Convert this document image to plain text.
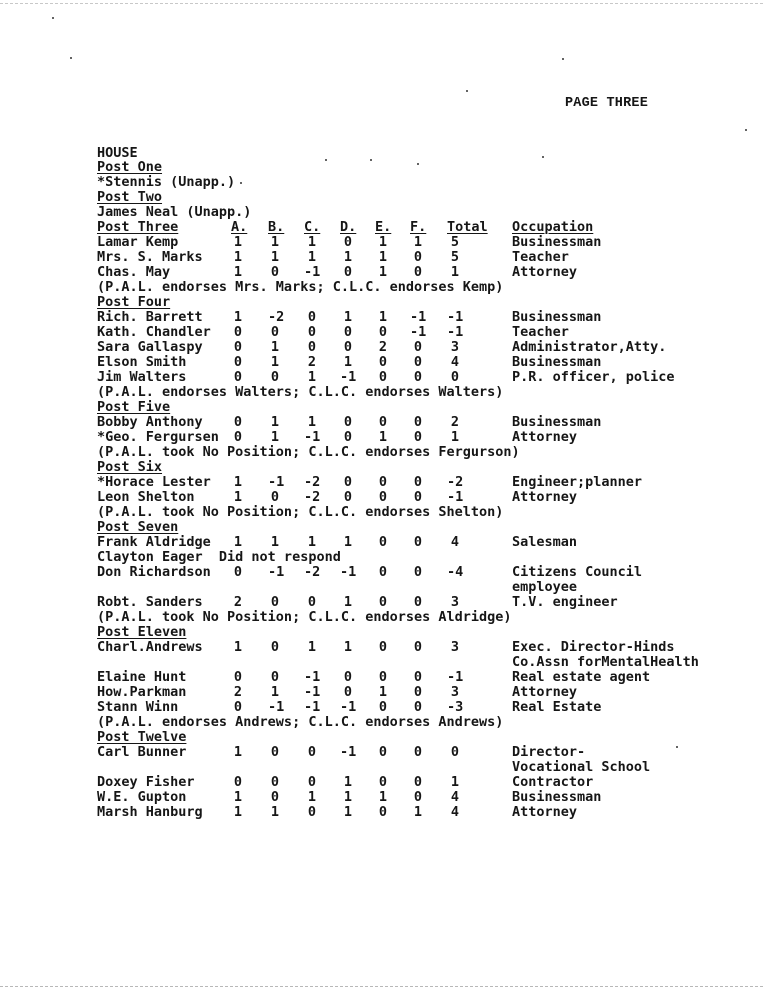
PAGE THREE
HOUSE
Post One
*Stennis (Unapp.)
Post Two
James Neal (Unapp.)
Post Three	A. B. C. D. E. F. Total Occupation
Lamar Kemp	1 1 1 0 1 1 5	Businessman
Mrs. S. Marks 1 1 1 1 1 0 5	Teacher
Chas. May	1 0 -1 0 1 0 1	Attorney
(P.A.L. endorses Mrs. Marks; C.L.C. endorses Kemp)
Post Four
Rich. Barrett 1 -2 0 1 1 -1 -1	Businessman
Kath. Chandler 0 0 0 0 0 -1 -1	Teacher
Sara Gallaspy 0 1 0 0 2 0 3	Administrator,Atty.
Elson Smith	0 1 2 1 0 0 4	Businessman
Jim Walters	0 0 1 -1 0 0 0	P.R. officer, police
(P.A.L. endorses Walters; C.L.C. endorses Walters)
Post Five
Bobby Anthony 0 1 1 0 0 0 2	Businessman
*Geo. Fergursen 0 1 -1 0 1 0 1	Attorney
(P.A.L. took No Position; C.L.C. endorses Fergurson)
Post Six
*Horace Lester 1 -1 -2 0 0 0 -2	Engineer;planner
Leon Shelton	1 0 -2 0 0 0 -1	Attorney
(P.A.L. took No Position; C.L.C. endorses Shelton)
Post Seven
Frank Aldridge 1 1 1 1 0 0 4	Salesman
Clayton Eager  Did not respond
Don Richardson 0 -1 -2 -1 0 0 -4	Citizens Council
employee
Robt. Sanders 2 0 0 1 0 0 3	T.V. engineer
(P.A.L. took No Position; C.L.C. endorses Aldridge)
Post Eleven
Charl.Andrews 1 0 1 1 0 0 3	Exec. Director-Hinds
Co.Assn forMentalHealth
Elaine Hunt	0 0 -1 0 0 0 -1	Real estate agent
How.Parkman	2 1 -1 0 1 0 3	Attorney
Stann Winn	0 -1 -1 -1 0 0 -3	Real Estate
(P.A.L. endorses Andrews; C.L.C. endorses Andrews)
Post Twelve
Carl Bunner	1 0 0 -1 0 0 0	Director-
Vocational School
Doxey Fisher	0 0 0 1 0 0 1	Contractor
W.E. Gupton	1 0 1 1 1 0 4	Businessman
Marsh Hanburg 1 1 0 1 0 1 4	Attorney
